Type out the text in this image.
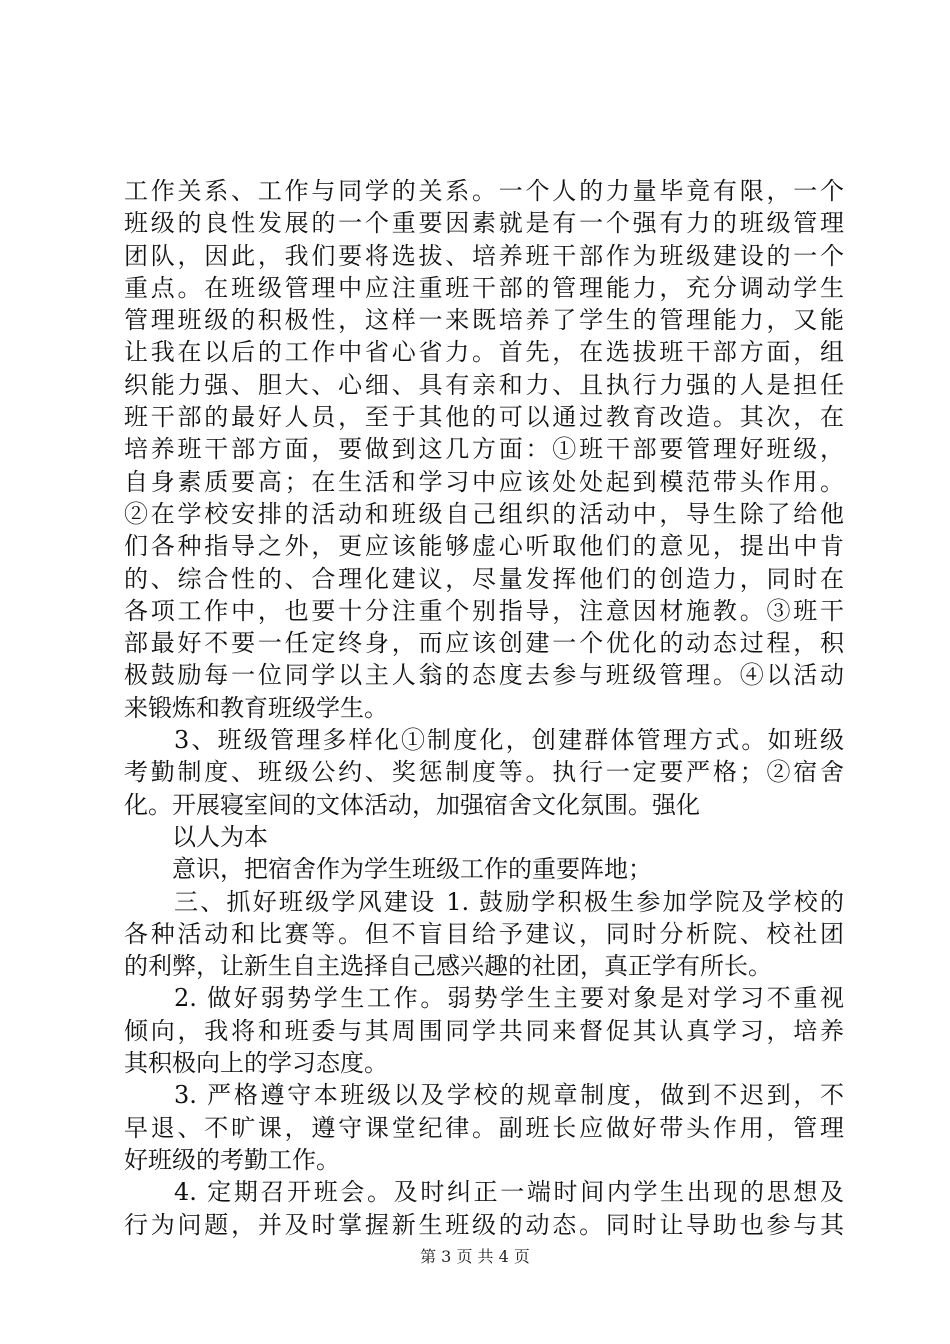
工作关系、工作与同学的关系。一个人的力量毕竟有限，一个
班级的良性发展的一个重要因素就是有一个强有力的班级管理
团队，因此，我们要将选拔、培养班干部作为班级建设的一个
重点。在班级管理中应注重班干部的管理能力，充分调动学生
管理班级的积极性，这样一来既培养了学生的管理能力，又能
让我在以后的工作中省心省力。首先，在选拔班干部方面，组
织能力强、胆大、心细、具有亲和力、且执行力强的人是担任
班干部的最好人员，至于其他的可以通过教育改造。其次，在
培养班干部方面，要做到这几方面：①班干部要管理好班级，
自身素质要高；在生活和学习中应该处处起到模范带头作用。
②在学校安排的活动和班级自己组织的活动中，导生除了给他
们各种指导之外，更应该能够虚心听取他们的意见，提出中肯
的、综合性的、合理化建议，尽量发挥他们的创造力，同时在
各项工作中，也要十分注重个别指导，注意因材施教。③班干
部最好不要一任定终身，而应该创建一个优化的动态过程，积
极鼓励每一位同学以主人翁的态度去参与班级管理。④以活动
来锻炼和教育班级学生。
3、班级管理多样化①制度化，创建群体管理方式。如班级
考勤制度、班级公约、奖惩制度等。执行一定要严格；②宿舍
化。开展寝室间的文体活动，加强宿舍文化氛围。强化
以人为本
意识，把宿舍作为学生班级工作的重要阵地；
三、抓好班级学风建设 1. 鼓励学积极生参加学院及学校的
各种活动和比赛等。但不盲目给予建议，同时分析院、校社团
的利弊，让新生自主选择自己感兴趣的社团，真正学有所长。
2. 做好弱势学生工作。弱势学生主要对象是对学习不重视
倾向，我将和班委与其周围同学共同来督促其认真学习，培养
其积极向上的学习态度。
3. 严格遵守本班级以及学校的规章制度，做到不迟到，不
早退、不旷课，遵守课堂纪律。副班长应做好带头作用，管理
好班级的考勤工作。
4. 定期召开班会。及时纠正一端时间内学生出现的思想及
行为问题，并及时掌握新生班级的动态。同时让导助也参与其
第 3 页 共 4 页
